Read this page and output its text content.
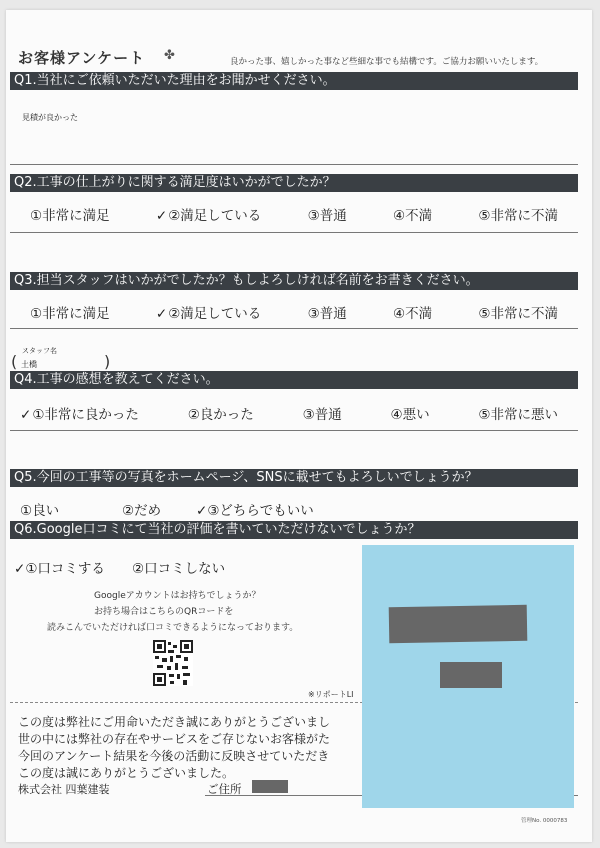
お客様アンケート ✤	良かった事、嬉しかった事など些細な事でも結構です。ご協力お願いいたします。
Q1.当社にご依頼いただいた理由をお聞かせください。
見積が良かった
Q2.工事の仕上がりに関する満足度はいかがでしたか？
①非常に満足	✓②満足している	③普通	④不満	⑤非常に不満
Q3.担当スタッフはいかがでしたか？もしよろしければ名前をお書きください。
①非常に満足	✓②満足している	③普通	④不満	⑤非常に不満
スタッフ名
( 土橋	)
Q4.工事の感想を教えてください。
✓①非常に良かった	②良かった	③普通	④悪い	⑤非常に悪い
Q5.今回の工事等の写真をホームページ、SNSに載せてもよろしいでしょうか？
①良い	②だめ	✓③どちらでもいい
Q6.Google口コミにて当社の評価を書いていただけないでしょうか？
✓①口コミする ②口コミしない
Googleアカウントはお持ちでしょうか？
お持ち場合はこちらのQRコードを
読みこんでいただければ口コミできるようになっております。
※リポートLI
この度は弊社にご用命いただき誠にありがとうございまし
世の中には弊社の存在やサービスをご存じないお客様がた
今回のアンケート結果を今後の活動に反映させていただき
この度は誠にありがとうございました。
株式会社 四葉建装	ご住所
管理No. 0000783
